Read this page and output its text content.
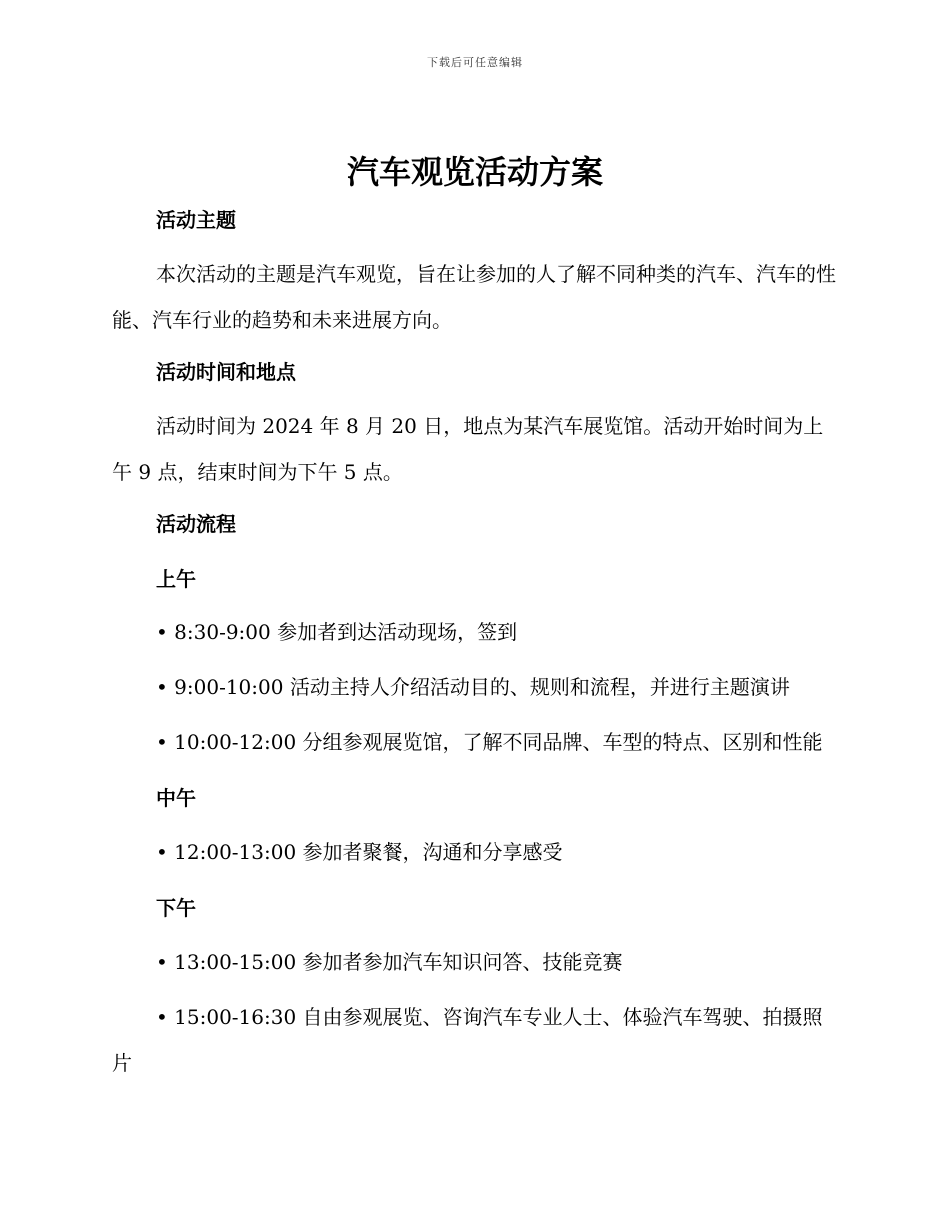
下载后可任意编辑
汽车观览活动方案
活动主题
本次活动的主题是汽车观览，旨在让参加的人了解不同种类的汽车、汽车的性能、汽车行业的趋势和未来进展方向。
活动时间和地点
活动时间为 2024 年 8 月 20 日，地点为某汽车展览馆。活动开始时间为上午 9 点，结束时间为下午 5 点。
活动流程
上午
• 8:30-9:00 参加者到达活动现场，签到
• 9:00-10:00 活动主持人介绍活动目的、规则和流程，并进行主题演讲
• 10:00-12:00 分组参观展览馆，了解不同品牌、车型的特点、区别和性能
中午
• 12:00-13:00 参加者聚餐，沟通和分享感受
下午
• 13:00-15:00 参加者参加汽车知识问答、技能竞赛
• 15:00-16:30 自由参观展览、咨询汽车专业人士、体验汽车驾驶、拍摄照片
